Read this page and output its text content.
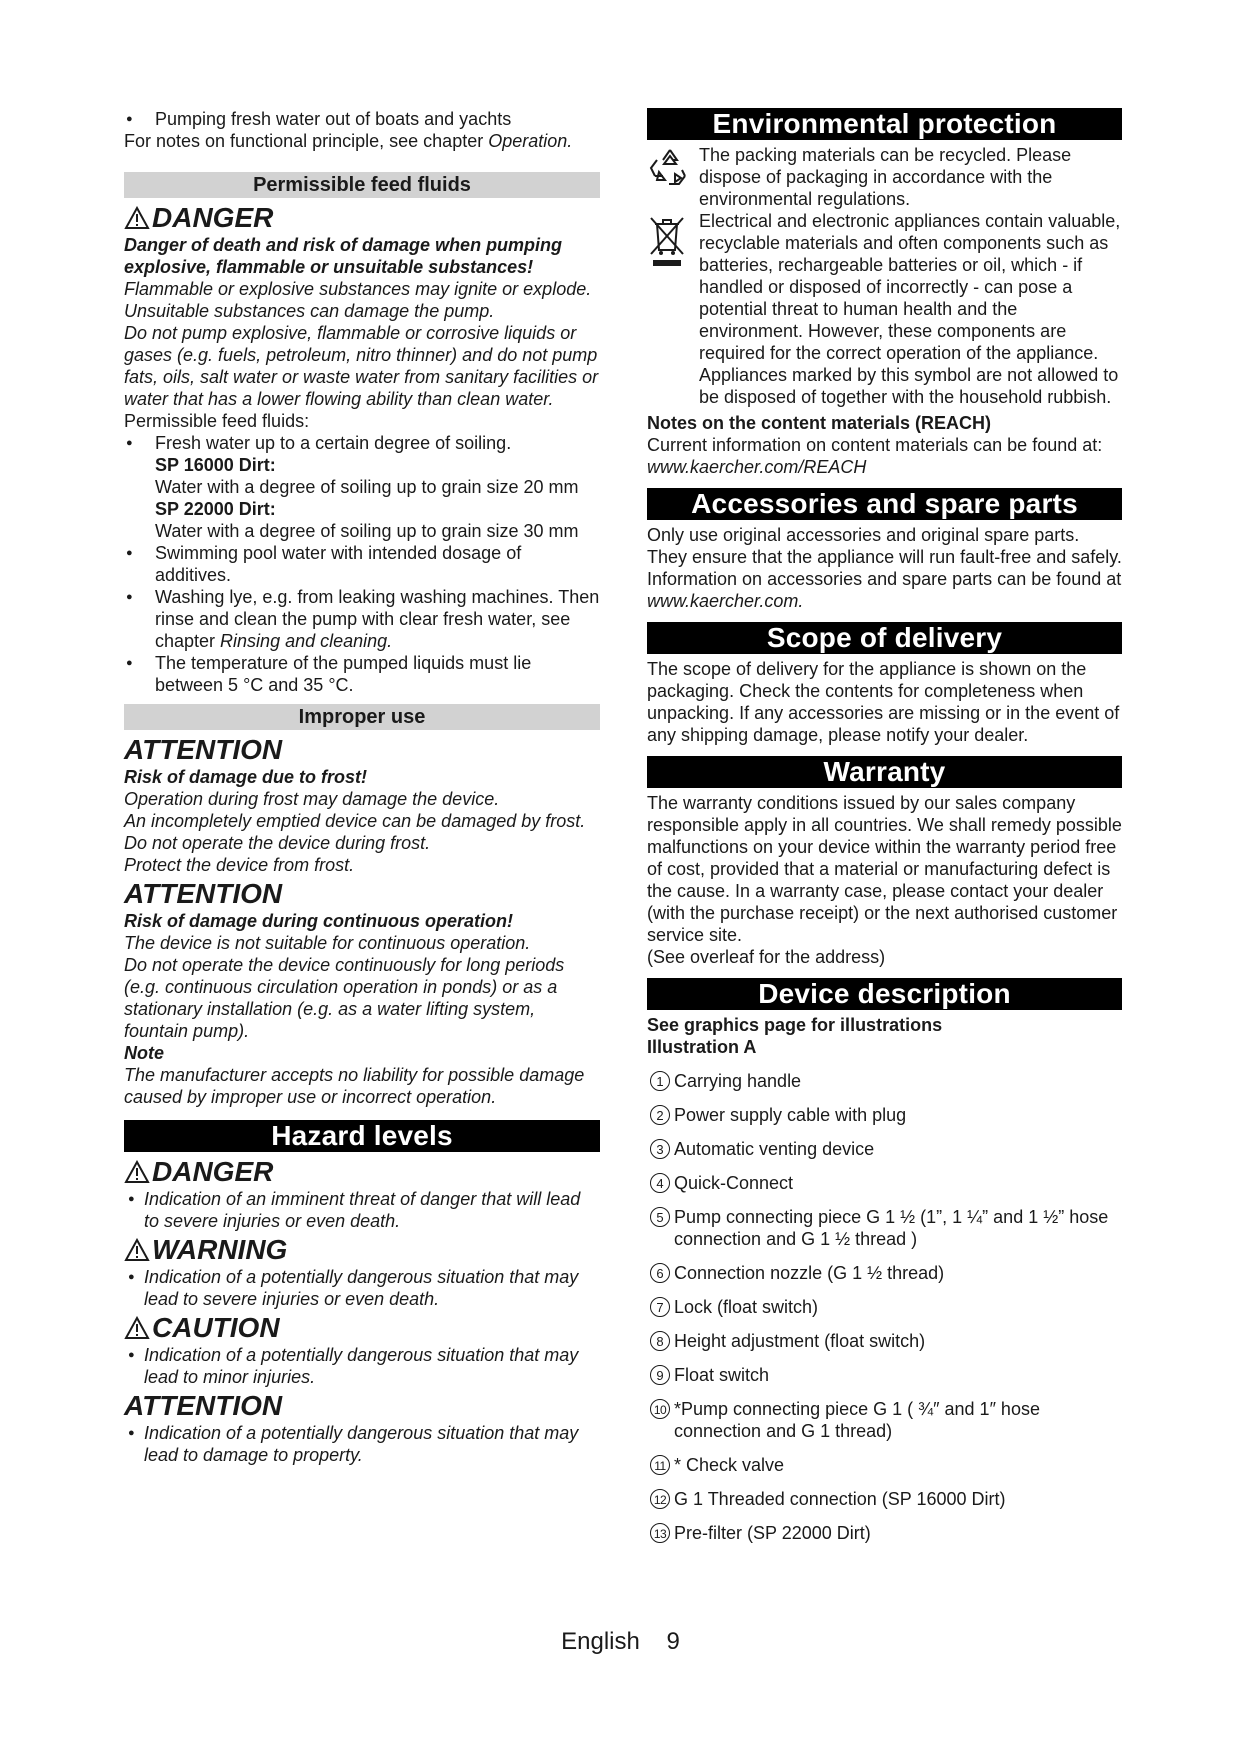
● Pumping fresh water out of boats and yachts

For notes on functional principle, see chapter Operation.

Permissible feed fluids
DANGER

Danger of death and risk of damage when pumping explosive, flammable or unsuitable substances!

Flammable or explosive substances may ignite or explode.

Unsuitable substances can damage the pump.

Do not pump explosive, flammable or corrosive liquids or gases (e.g. fuels, petroleum, nitro thinner) and do not pump fats, oils, salt water or waste water from sanitary facilities or water that has a lower flowing ability than clean water.

Permissible feed fluids:

● Fresh water up to a certain degree of soiling.

SP 16000 Dirt:

Water with a degree of soiling up to grain size 20 mm

SP 22000 Dirt:

Water with a degree of soiling up to grain size 30 mm

● Swimming pool water with intended dosage of additives.

● Washing lye, e.g. from leaking washing machines. Then rinse and clean the pump with clear fresh water, see chapter Rinsing and cleaning.

● The temperature of the pumped liquids must lie between 5 °C and 35 °C.

Improper use
ATTENTION

Risk of damage due to frost!

Operation during frost may damage the device.

An incompletely emptied device can be damaged by frost.

Do not operate the device during frost.

Protect the device from frost.

ATTENTION

Risk of damage during continuous operation!

The device is not suitable for continuous operation.

Do not operate the device continuously for long periods (e.g. continuous circulation operation in ponds) or as a stationary installation (e.g. as a water lifting system, fountain pump).

Note

The manufacturer accepts no liability for possible damage caused by improper use or incorrect operation.

Hazard levels
DANGER

● Indication of an imminent threat of danger that will lead to severe injuries or even death.

WARNING

● Indication of a potentially dangerous situation that may lead to severe injuries or even death.

CAUTION

● Indication of a potentially dangerous situation that may lead to minor injuries.

ATTENTION

● Indication of a potentially dangerous situation that may lead to damage to property.

Environmental protection

The packing materials can be recycled. Please dispose of packaging in accordance with the environmental regulations.

Electrical and electronic appliances contain valuable, recyclable materials and often components such as batteries, rechargeable batteries or oil, which - if handled or disposed of incorrectly - can pose a potential threat to human health and the environment. However, these components are required for the correct operation of the appliance. Appliances marked by this symbol are not allowed to be disposed of together with the household rubbish.

Notes on the content materials (REACH)

Current information on content materials can be found at: www.kaercher.com/REACH

Accessories and spare parts

Only use original accessories and original spare parts. They ensure that the appliance will run fault-free and safely.

Information on accessories and spare parts can be found at www.kaercher.com.

Scope of delivery

The scope of delivery for the appliance is shown on the packaging. Check the contents for completeness when unpacking. If any accessories are missing or in the event of any shipping damage, please notify your dealer.

Warranty

The warranty conditions issued by our sales company responsible apply in all countries. We shall remedy possible malfunctions on your device within the warranty period free of cost, provided that a material or manufacturing defect is the cause. In a warranty case, please contact your dealer (with the purchase receipt) or the next authorised customer service site.

(See overleaf for the address)

Device description

See graphics page for illustrations

Illustration A

1 Carrying handle
2 Power supply cable with plug
3 Automatic venting device
4 Quick-Connect
5 Pump connecting piece G 1 ½ (1”, 1 ¼” and 1 ½” hose connection and G 1 ½ thread )
6 Connection nozzle (G 1 ½ thread)
7 Lock (float switch)
8 Height adjustment (float switch)
9 Float switch
10 *Pump connecting piece G 1 ( ¾″ and 1″ hose connection and G 1 thread)
11 * Check valve
12 G 1 Threaded connection (SP 16000 Dirt)
13 Pre-filter (SP 22000 Dirt)
English 9
